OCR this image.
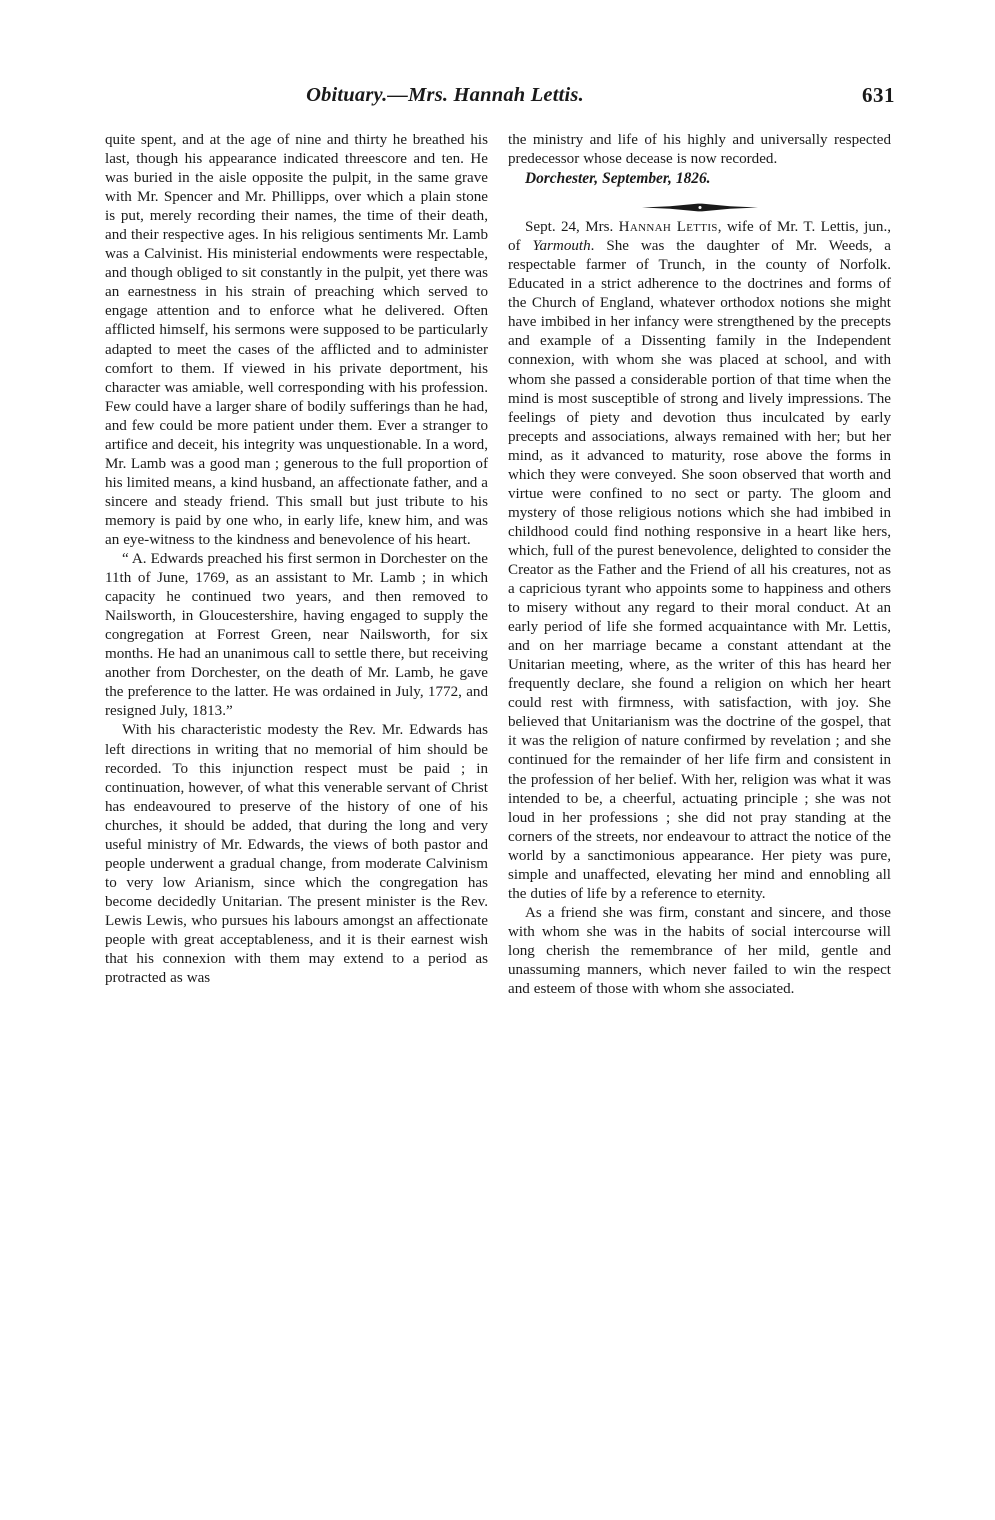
Obituary.—Mrs. Hannah Lettis.	631

quite spent, and at the age of nine and thirty he breathed his last, though his appearance indicated threescore and ten. He was buried in the aisle opposite the pulpit, in the same grave with Mr. Spencer and Mr. Phillipps, over which a plain stone is put, merely recording their names, the time of their death, and their respective ages. In his religious sentiments Mr. Lamb was a Calvinist. His ministerial endowments were respectable, and though obliged to sit constantly in the pulpit, yet there was an earnestness in his strain of preaching which served to engage attention and to enforce what he delivered. Often afflicted himself, his sermons were supposed to be particularly adapted to meet the cases of the afflicted and to administer comfort to them. If viewed in his private deportment, his character was amiable, well corresponding with his profession. Few could have a larger share of bodily sufferings than he had, and few could be more patient under them. Ever a stranger to artifice and deceit, his integrity was unquestionable. In a word, Mr. Lamb was a good man ; generous to the full proportion of his limited means, a kind husband, an affectionate father, and a sincere and steady friend. This small but just tribute to his memory is paid by one who, in early life, knew him, and was an eye-witness to the kindness and benevolence of his heart.

“ A. Edwards preached his first sermon in Dorchester on the 11th of June, 1769, as an assistant to Mr. Lamb ; in which capacity he continued two years, and then removed to Nailsworth, in Gloucestershire, having engaged to supply the congregation at Forrest Green, near Nailsworth, for six months. He had an unanimous call to settle there, but receiving another from Dorchester, on the death of Mr. Lamb, he gave the preference to the latter. He was ordained in July, 1772, and resigned July, 1813.”

With his characteristic modesty the Rev. Mr. Edwards has left directions in writing that no memorial of him should be recorded. To this injunction respect must be paid ; in continuation, however, of what this venerable servant of Christ has endeavoured to preserve of the history of one of his churches, it should be added, that during the long and very useful ministry of Mr. Edwards, the views of both pastor and people underwent a gradual change, from moderate Calvinism to very low Arianism, since which the congregation has become decidedly Unitarian. The present minister is the Rev. Lewis Lewis, who pursues his labours amongst an affectionate people with great acceptableness, and it is their earnest wish that his connexion with them may extend to a period as protracted as was

the ministry and life of his highly and universally respected predecessor whose decease is now recorded.

Dorchester, September, 1826.

Sept. 24, Mrs. Hannah Lettis, wife of Mr. T. Lettis, jun., of Yarmouth. She was the daughter of Mr. Weeds, a respectable farmer of Trunch, in the county of Norfolk. Educated in a strict adherence to the doctrines and forms of the Church of England, whatever orthodox notions she might have imbibed in her infancy were strengthened by the precepts and example of a Dissenting family in the Independent connexion, with whom she was placed at school, and with whom she passed a considerable portion of that time when the mind is most susceptible of strong and lively impressions. The feelings of piety and devotion thus inculcated by early precepts and associations, always remained with her; but her mind, as it advanced to maturity, rose above the forms in which they were conveyed. She soon observed that worth and virtue were confined to no sect or party. The gloom and mystery of those religious notions which she had imbibed in childhood could find nothing responsive in a heart like hers, which, full of the purest benevolence, delighted to consider the Creator as the Father and the Friend of all his creatures, not as a capricious tyrant who appoints some to happiness and others to misery without any regard to their moral conduct. At an early period of life she formed acquaintance with Mr. Lettis, and on her marriage became a constant attendant at the Unitarian meeting, where, as the writer of this has heard her frequently declare, she found a religion on which her heart could rest with firmness, with satisfaction, with joy. She believed that Unitarianism was the doctrine of the gospel, that it was the religion of nature confirmed by revelation ; and she continued for the remainder of her life firm and consistent in the profession of her belief. With her, religion was what it was intended to be, a cheerful, actuating principle ; she was not loud in her professions ; she did not pray standing at the corners of the streets, nor endeavour to attract the notice of the world by a sanctimonious appearance. Her piety was pure, simple and unaffected, elevating her mind and ennobling all the duties of life by a reference to eternity.

As a friend she was firm, constant and sincere, and those with whom she was in the habits of social intercourse will long cherish the remembrance of her mild, gentle and unassuming manners, which never failed to win the respect and esteem of those with whom she associated.
